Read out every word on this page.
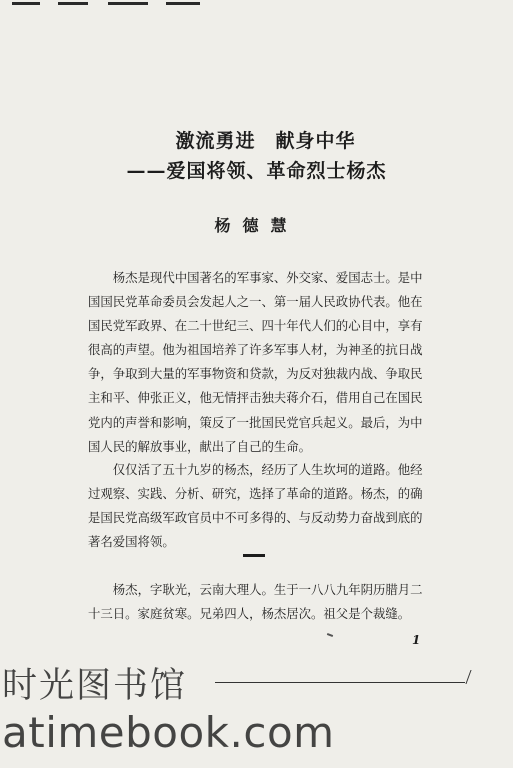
激流勇进　献身中华
——爱国将领、革命烈士杨杰
杨德慧

杨杰是现代中国著名的军事家、外交家、爱国志士。是中
国国民党革命委员会发起人之一、第一届人民政协代表。他在
国民党军政界、在二十世纪三、四十年代人们的心目中，享有
很高的声望。他为祖国培养了许多军事人材，为神圣的抗日战
争，争取到大量的军事物资和贷款，为反对独裁内战、争取民
主和平、伸张正义，他无情抨击独夫蒋介石，借用自己在国民
党内的声誉和影响，策反了一批国民党官兵起义。最后，为中
国人民的解放事业，献出了自己的生命。

仅仅活了五十九岁的杨杰，经历了人生坎坷的道路。他经
过观察、实践、分析、研究，选择了革命的道路。杨杰，的确
是国民党高级军政官员中不可多得的、与反动势力奋战到底的
著名爱国将领。

杨杰，字耿光，云南大理人。生于一八八九年阴历腊月二
十三日。家庭贫寒。兄弟四人，杨杰居次。祖父是个裁缝。

1
时光图书馆
atimebook.com
